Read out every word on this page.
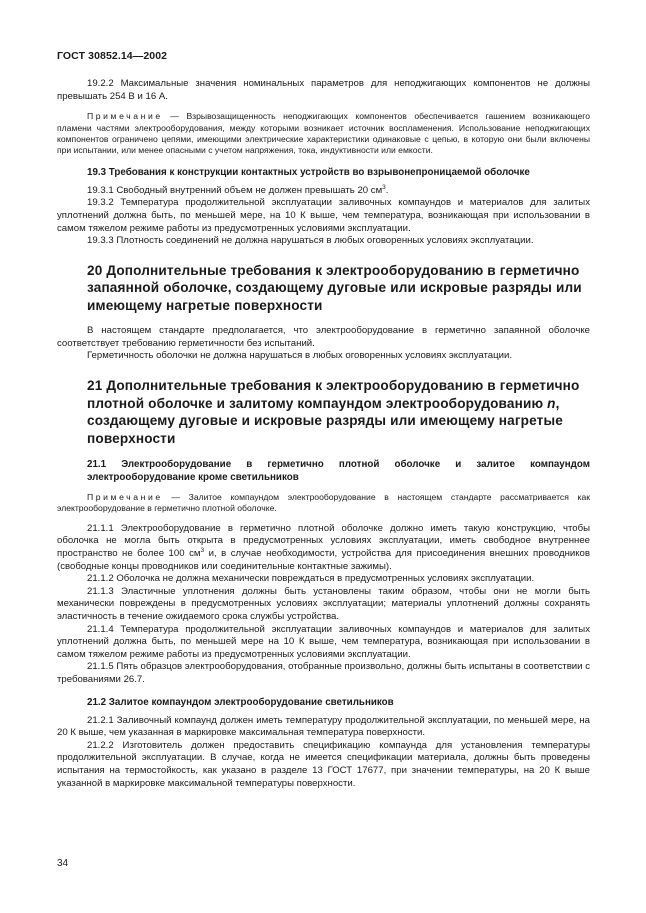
ГОСТ 30852.14—2002

19.2.2 Максимальные значения номинальных параметров для неподжигающих компонентов не должны превышать 254 В и 16 А.

Примечание — Взрывозащищенность неподжигающих компонентов обеспечивается гашением возникающего пламени частями электрооборудования, между которыми возникает источник воспламенения. Использование неподжигающих компонентов ограничено цепями, имеющими электрические характеристики одинаковые с цепью, в которую они были включены при испытании, или менее опасными с учетом напряжения, тока, индуктивности или емкости.

19.3 Требования к конструкции контактных устройств во взрывонепроницаемой оболочке

19.3.1 Свободный внутренний объем не должен превышать 20 $см^3$.

19.3.2 Температура продолжительной эксплуатации заливочных компаундов и материалов для залитых уплотнений должна быть, по меньшей мере, на 10 К выше, чем температура, возникающая при использовании в самом тяжелом режиме работы из предусмотренных условиями эксплуатации.

19.3.3 Плотность соединений не должна нарушаться в любых оговоренных условиях эксплуатации.

20 Дополнительные требования к электрооборудованию в герметично запаянной оболочке, создающему дуговые или искровые разряды или имеющему нагретые поверхности

В настоящем стандарте предполагается, что электрооборудование в герметично запаянной оболочке соответствует требованию герметичности без испытаний.

Герметичность оболочки не должна нарушаться в любых оговоренных условиях эксплуатации.

21 Дополнительные требования к электрооборудованию в герметично плотной оболочке и залитому компаундом электрооборудованию n, создающему дуговые и искровые разряды или имеющему нагретые поверхности

21.1 Электрооборудование в герметично плотной оболочке и залитое компаундом электрооборудование кроме светильников

Примечание — Залитое компаундом электрооборудование в настоящем стандарте рассматривается как электрооборудование в герметично плотной оболочке.

21.1.1 Электрооборудование в герметично плотной оболочке должно иметь такую конструкцию, чтобы оболочка не могла быть открыта в предусмотренных условиях эксплуатации, иметь свободное внутреннее пространство не более 100 $см^3$ и, в случае необходимости, устройства для присоединения внешних проводников (свободные концы проводников или соединительные контактные зажимы).

21.1.2 Оболочка не должна механически повреждаться в предусмотренных условиях эксплуатации.

21.1.3 Эластичные уплотнения должны быть установлены таким образом, чтобы они не могли быть механически повреждены в предусмотренных условиях эксплуатации; материалы уплотнений должны сохранять эластичность в течение ожидаемого срока службы устройства.

21.1.4 Температура продолжительной эксплуатации заливочных компаундов и материалов для залитых уплотнений должна быть, по меньшей мере на 10 К выше, чем температура, возникающая при использовании в самом тяжелом режиме работы из предусмотренных условиями эксплуатации.

21.1.5 Пять образцов электрооборудования, отобранные произвольно, должны быть испытаны в соответствии с требованиями 26.7.

21.2 Залитое компаундом электрооборудование светильников

21.2.1 Заливочный компаунд должен иметь температуру продолжительной эксплуатации, по меньшей мере, на 20 К выше, чем указанная в маркировке максимальная температура поверхности.

21.2.2 Изготовитель должен предоставить спецификацию компаунда для установления температуры продолжительной эксплуатации. В случае, когда не имеется спецификации материала, должны быть проведены испытания на термостойкость, как указано в разделе 13 ГОСТ 17677, при значении температуры, на 20 К выше указанной в маркировке максимальной температуры поверхности.

34
